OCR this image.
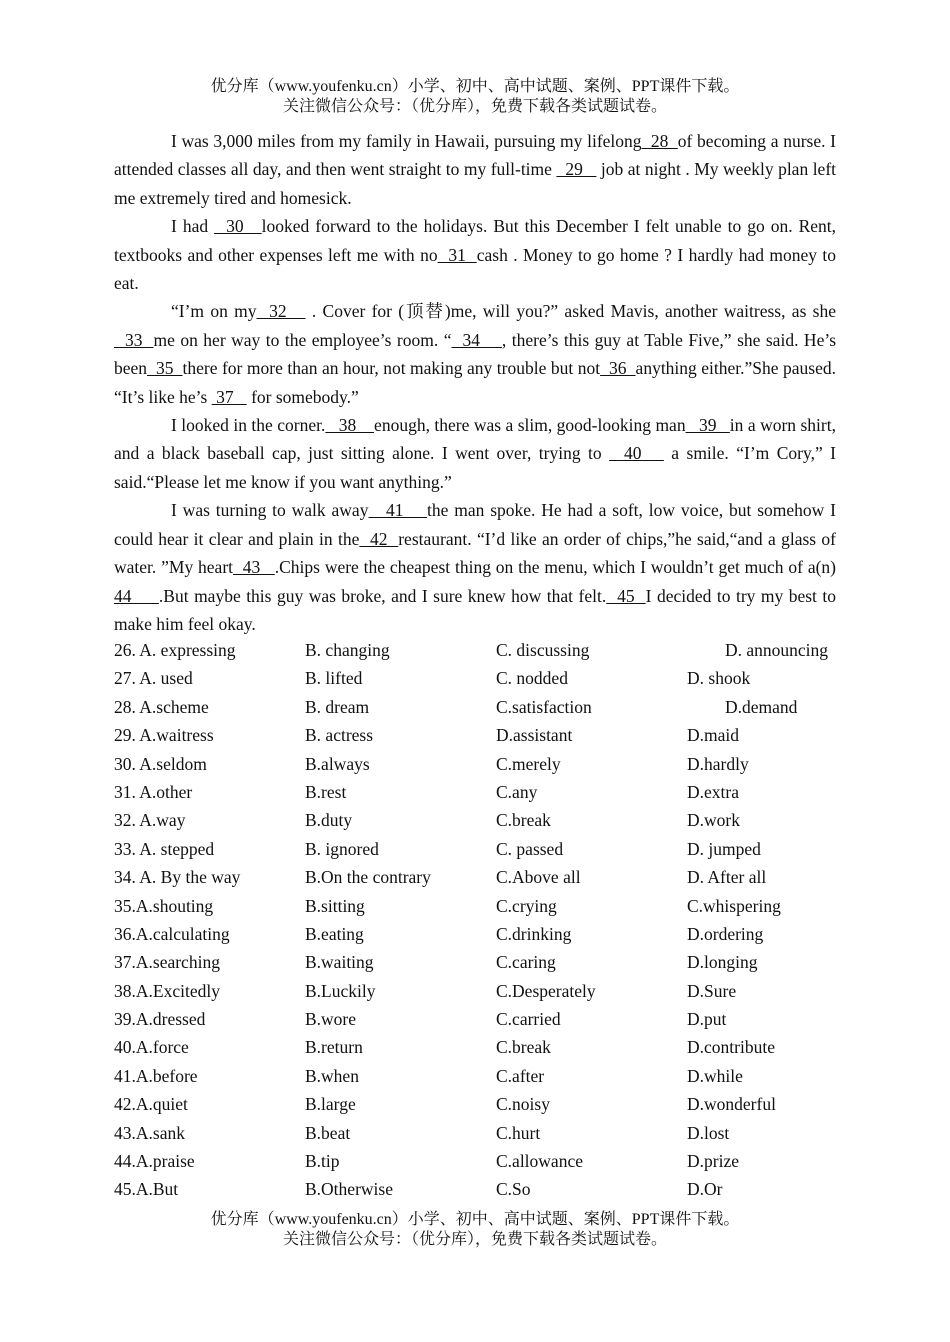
优分库（www.youfenku.cn）小学、初中、高中试题、案例、PPT课件下载。
关注微信公众号：（优分库），免费下载各类试题试卷。

I was 3,000 miles from my family in Hawaii, pursuing my lifelong  28  of becoming a nurse. I attended classes all day, and then went straight to my full-time   29    job at night . My weekly plan left me extremely tired and homesick.

I had   30   looked forward to the holidays. But this December I felt unable to go on. Rent, textbooks and other expenses left me with no  31  cash . Money to go home ? I hardly had money to eat.

“I’m on my  32    . Cover for (顶替)me, will you?” asked Mavis, another waitress, as she  33  me on her way to the employee’s room. “  34    , there’s this guy at Table Five,” she said. He’s been  35  there for more than an hour, not making any trouble but not  36  anything either.”She paused. “It’s like he’s  37    for somebody.”

I looked in the corner.   38    enough, there was a slim, good-looking man   39   in a worn shirt, and a black baseball cap, just sitting alone. I went over, trying to   40    a smile. “I’m Cory,” I said.“Please let me know if you want anything.”

I was turning to walk away   41    the man spoke. He had a soft, low voice, but somehow I could hear it clear and plain in the  42  restaurant. “I’d like an order of chips,”he said,“and a glass of water. ”My heart  43   .Chips were the cheapest thing on the menu, which I wouldn’t get much of a(n) 44     .But maybe this guy was broke, and I sure knew how that felt.  45  I decided to try my best to make him feel okay.

26. A. expressing	B. changing	C. discussing	D. announcing
27. A. used	B. lifted	C. nodded	D. shook
28. A.scheme	B. dream	C.satisfaction	D.demand
29. A.waitress	B. actress	D.assistant	D.maid
30. A.seldom	B.always	C.merely	D.hardly
31. A.other	B.rest	C.any	D.extra
32. A.way	B.duty	C.break	D.work
33. A. stepped	B. ignored	C. passed	D. jumped
34. A. By the way	B.On the contrary	C.Above all	D. After all
35.A.shouting	B.sitting	C.crying	C.whispering
36.A.calculating	B.eating	C.drinking	D.ordering
37.A.searching	B.waiting	C.caring	D.longing
38.A.Excitedly	B.Luckily	C.Desperately	D.Sure
39.A.dressed	B.wore	C.carried	D.put
40.A.force	B.return	C.break	D.contribute
41.A.before	B.when	C.after	D.while
42.A.quiet	B.large	C.noisy	D.wonderful
43.A.sank	B.beat	C.hurt	D.lost
44.A.praise	B.tip	C.allowance	D.prize
45.A.But	B.Otherwise	C.So	D.Or
优分库（www.youfenku.cn）小学、初中、高中试题、案例、PPT课件下载。
关注微信公众号：（优分库），免费下载各类试题试卷。
